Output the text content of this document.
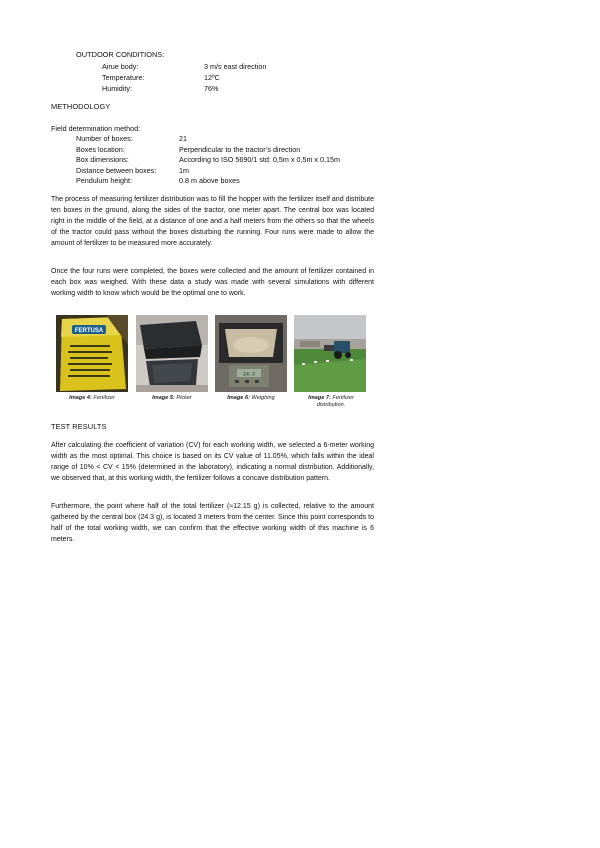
OUTDOOR CONDITIONS:
Airue body:	3 m/s east direction
Temperature:	12ºC
Humidity:	76%
METHODOLOGY
Field determination method:
Number of boxes:	21
Boxes location:	Perpendicular to the tractor’s direction
Box dimensions:	According to ISO 5690/1 std: 0,5m x 0,5m x 0,15m
Distance between boxes:	1m
Pendulum height:	0.8 m above boxes

The process of measuring fertilizer distribution was to fill the hopper with the fertilizer itself and distribute ten boxes in the ground, along the sides of the tractor, one meter apart. The central box was located right in the middle of the field, at a distance of one and a half meters from the others so that the wheels of the tractor could pass without the boxes disturbing the running. Four runs were made to allow the amount of fertilizer to be measured more accurately.

Once the four runs were completed, the boxes were collected and the amount of fertilizer contained in each box was weighed. With these data a study was made with several simulations with different working width to know which would be the optimal one to work.

FERTUSA
Image 4: Fertilizer	Image 5: Picker
24.3
Image 6: Weighing	Image 7: Fertilizer distribution.
TEST RESULTS

After calculating the coefficient of variation (CV) for each working width, we selected a 6-meter working width as the most optimal. This choice is based on its CV value of 11.05%, which falls within the ideal range of 10% < CV < 15% (determined in the laboratory), indicating a normal distribution. Additionally, we observed that, at this working width, the fertilizer follows a concave distribution pattern.

Furthermore, the point where half of the total fertilizer (≈12.15 g) is collected, relative to the amount gathered by the central box (24.3 g), is located 3 meters from the center. Since this point corresponds to half of the total working width, we can confirm that the effective working width of this machine is 6 meters.
